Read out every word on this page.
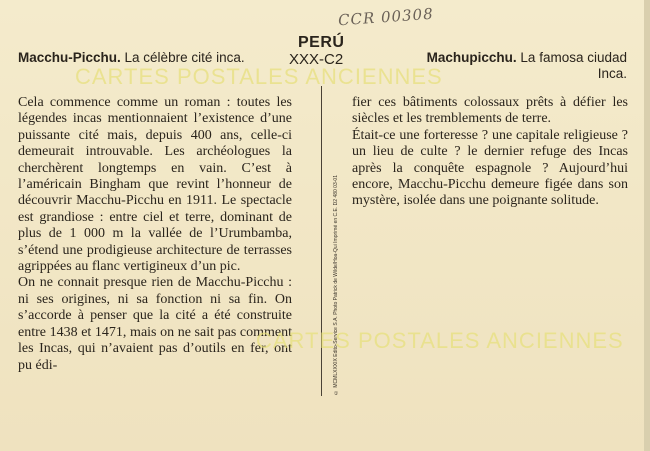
CCR 00308
PERÚ
XXX-C2
Macchu-Picchu. La célèbre cité inca.	Machupicchu. La famosa ciudad Inca.

Cela commence comme un roman : toutes les légendes incas mentionnaient l’existence d’une puissante cité mais, depuis 400 ans, celle-ci demeurait introuvable. Les archéologues la cherchèrent longtemps en vain. C’est à l’américain Bingham que revint l’honneur de découvrir Macchu-Picchu en 1911. Le spectacle est grandiose : entre ciel et terre, dominant de plus de 1 000 m la vallée de l’Urumbamba, s’étend une prodigieuse architecture de terrasses agrippées au flanc vertigineux d’un pic.

On ne connait presque rien de Macchu-Picchu : ni ses origines, ni sa fonction ni sa fin. On s’accorde à penser que la cité a été construite entre 1438 et 1471, mais on ne sait pas comment les Incas, qui n’avaient pas d’outils en fer, ont pu édi-	© MCMLXXXIX Edito-Service S.A. Photo Patrick de Wilde/Hoa-Qui Imprimé en C.E. D2 480 03-01

fier ces bâtiments colossaux prêts à défier les siècles et les tremblements de terre.

Était-ce une forteresse ? une capitale religieuse ? un lieu de culte ? le dernier refuge des Incas après la conquête espagnole ? Aujourd’hui encore, Macchu-Picchu demeure figée dans son mystère, isolée dans une poignante solitude.

CARTES POSTALES ANCIENNES
CARTES POSTALES ANCIENNES
